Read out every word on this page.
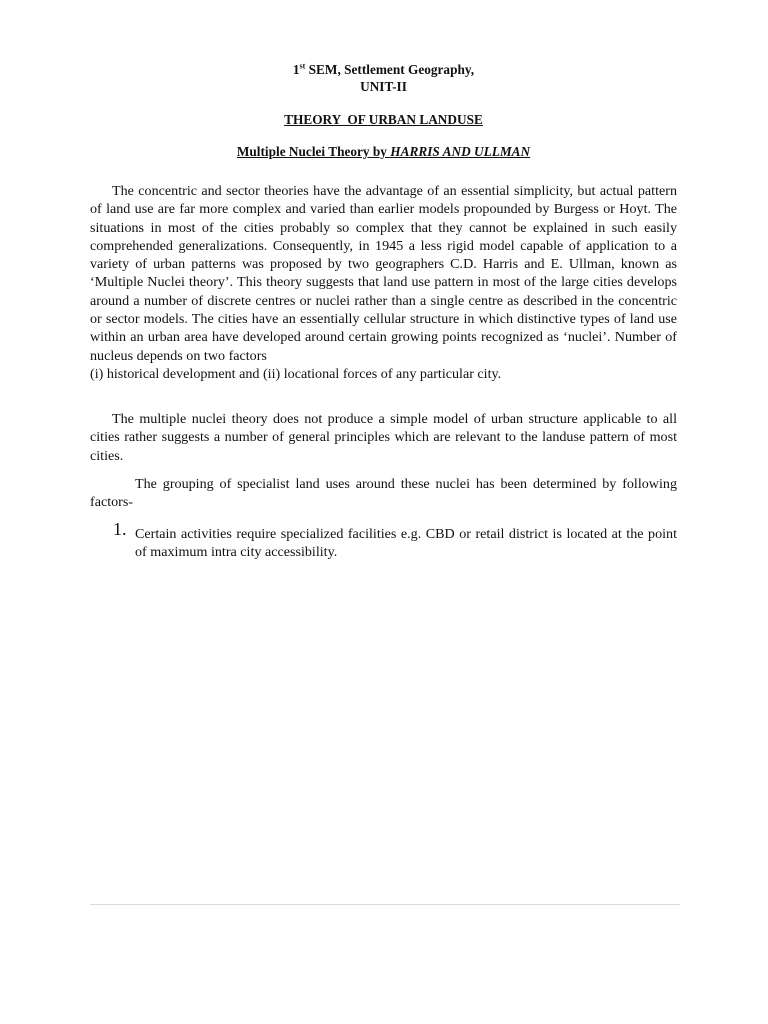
1st SEM, Settlement Geography,
UNIT-II
THEORY  OF URBAN LANDUSE
Multiple Nuclei Theory by HARRIS AND ULLMAN

The concentric and sector theories have the advantage of an essential simplicity, but actual pattern of land use are far more complex and varied than earlier models propounded by Burgess or Hoyt. The situations in most of the cities probably so complex that they cannot be explained in such easily comprehended generalizations. Consequently, in 1945 a less rigid model capable of application to a variety of urban patterns was proposed by two geographers C.D. Harris and E. Ullman, known as ‘Multiple Nuclei theory’. This theory suggests that land use pattern in most of the large cities develops around a number of discrete centres or nuclei rather than a single centre as described in the concentric or sector models. The cities have an essentially cellular structure in which distinctive types of land use within an urban area have developed around certain growing points recognized as ‘nuclei’. Number of nucleus depends on two factors
(i) historical development and (ii) locational forces of any particular city.

The multiple nuclei theory does not produce a simple model of urban structure applicable to all cities rather suggests a number of general principles which are relevant to the landuse pattern of most cities.

The grouping of specialist land uses around these nuclei has been determined by following factors-

1. Certain activities require specialized facilities e.g. CBD or retail district is located at the point of maximum intra city accessibility.
